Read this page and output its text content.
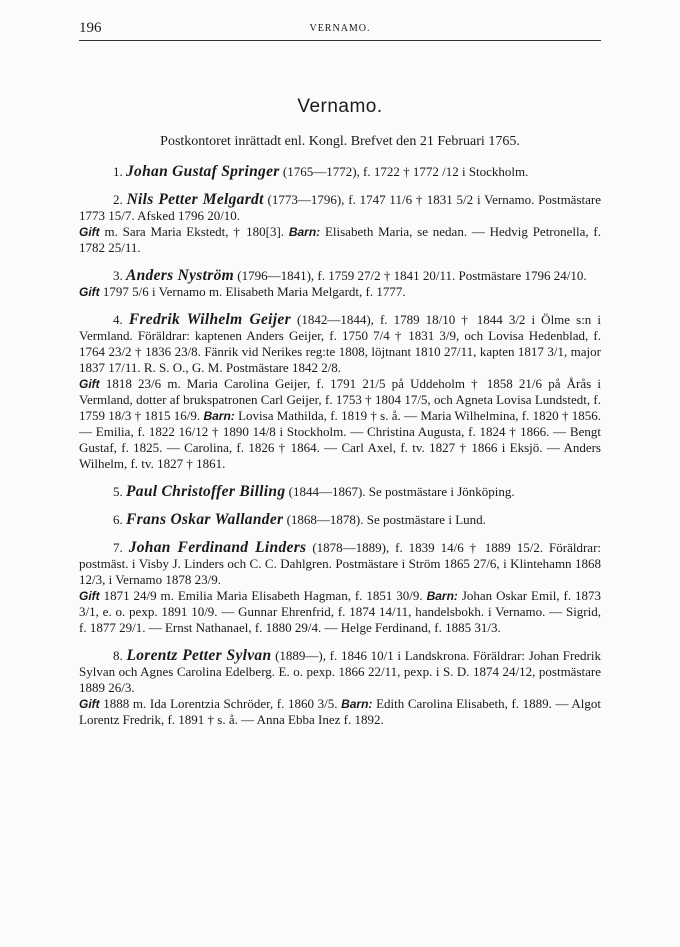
196	VERNAMO.
Vernamo.
Postkontoret inrättadt enl. Kongl. Brefvet den 21 Februari 1765.

1. Johan Gustaf Springer (1765—1772), f. 1722 † 1772 /12 i Stockholm.

2. Nils Petter Melgardt (1773—1796), f. 1747 11/6 † 1831 5/2 i Vernamo. Postmästare 1773 15/7. Afsked 1796 20/10.

Gift m. Sara Maria Ekstedt, † 180[3]. Barn: Elisabeth Maria, se nedan. — Hedvig Petronella, f. 1782 25/11.

3. Anders Nyström (1796—1841), f. 1759 27/2 † 1841 20/11. Postmästare 1796 24/10.

Gift 1797 5/6 i Vernamo m. Elisabeth Maria Melgardt, f. 1777.

4. Fredrik Wilhelm Geijer (1842—1844), f. 1789 18/10 † 1844 3/2 i Ölme s:n i Vermland. Föräldrar: kaptenen Anders Geijer, f. 1750 7/4 † 1831 3/9, och Lovisa Hedenblad, f. 1764 23/2 † 1836 23/8. Fänrik vid Nerikes reg:te 1808, löjtnant 1810 27/11, kapten 1817 3/1, major 1837 17/11. R. S. O., G. M. Postmästare 1842 2/8.

Gift 1818 23/6 m. Maria Carolina Geijer, f. 1791 21/5 på Uddeholm † 1858 21/6 på Årås i Vermland, dotter af brukspatronen Carl Geijer, f. 1753 † 1804 17/5, och Agneta Lovisa Lundstedt, f. 1759 18/3 † 1815 16/9. Barn: Lovisa Mathilda, f. 1819 † s. å. — Maria Wilhelmina, f. 1820 † 1856. — Emilia, f. 1822 16/12 † 1890 14/8 i Stockholm. — Christina Augusta, f. 1824 † 1866. — Bengt Gustaf, f. 1825. — Carolina, f. 1826 † 1864. — Carl Axel, f. tv. 1827 † 1866 i Eksjö. — Anders Wilhelm, f. tv. 1827 † 1861.

5. Paul Christoffer Billing (1844—1867). Se postmästare i Jönköping.

6. Frans Oskar Wallander (1868—1878). Se postmästare i Lund.

7. Johan Ferdinand Linders (1878—1889), f. 1839 14/6 † 1889 15/2. Föräldrar: postmäst. i Visby J. Linders och C. C. Dahlgren. Postmästare i Ström 1865 27/6, i Klintehamn 1868 12/3, i Vernamo 1878 23/9.

Gift 1871 24/9 m. Emilia Maria Elisabeth Hagman, f. 1851 30/9. Barn: Johan Oskar Emil, f. 1873 3/1, e. o. pexp. 1891 10/9. — Gunnar Ehrenfrid, f. 1874 14/11, handelsbokh. i Vernamo. — Sigrid, f. 1877 29/1. — Ernst Nathanael, f. 1880 29/4. — Helge Ferdinand, f. 1885 31/3.

8. Lorentz Petter Sylvan (1889—), f. 1846 10/1 i Landskrona. Föräldrar: Johan Fredrik Sylvan och Agnes Carolina Edelberg. E. o. pexp. 1866 22/11, pexp. i S. D. 1874 24/12, postmästare 1889 26/3.

Gift 1888 m. Ida Lorentzia Schröder, f. 1860 3/5. Barn: Edith Carolina Elisabeth, f. 1889. — Algot Lorentz Fredrik, f. 1891 † s. å. — Anna Ebba Inez f. 1892.
